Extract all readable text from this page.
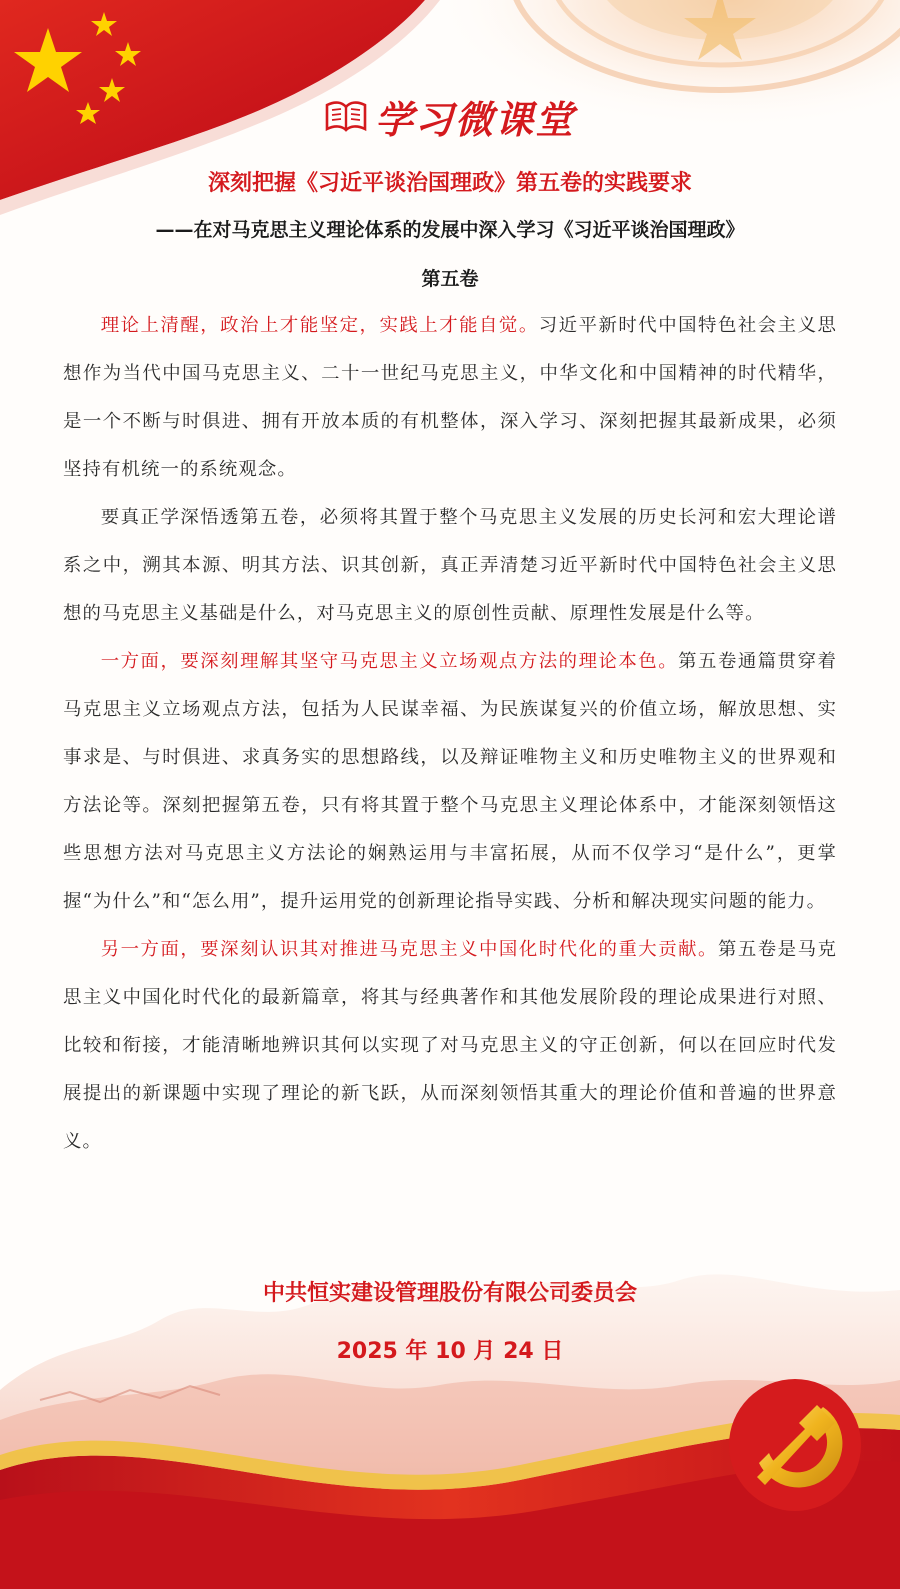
学习微课堂
深刻把握《习近平谈治国理政》第五卷的实践要求
——在对马克思主义理论体系的发展中深入学习《习近平谈治国理政》
第五卷

理论上清醒，政治上才能坚定，实践上才能自觉。习近平新时代中国特色社会主义思想作为当代中国马克思主义、二十一世纪马克思主义，中华文化和中国精神的时代精华，是一个不断与时俱进、拥有开放本质的有机整体，深入学习、深刻把握其最新成果，必须坚持有机统一的系统观念。

要真正学深悟透第五卷，必须将其置于整个马克思主义发展的历史长河和宏大理论谱系之中，溯其本源、明其方法、识其创新，真正弄清楚习近平新时代中国特色社会主义思想的马克思主义基础是什么，对马克思主义的原创性贡献、原理性发展是什么等。

一方面，要深刻理解其坚守马克思主义立场观点方法的理论本色。第五卷通篇贯穿着马克思主义立场观点方法，包括为人民谋幸福、为民族谋复兴的价值立场，解放思想、实事求是、与时俱进、求真务实的思想路线，以及辩证唯物主义和历史唯物主义的世界观和方法论等。深刻把握第五卷，只有将其置于整个马克思主义理论体系中，才能深刻领悟这些思想方法对马克思主义方法论的娴熟运用与丰富拓展，从而不仅学习“是什么”，更掌握“为什么”和“怎么用”，提升运用党的创新理论指导实践、分析和解决现实问题的能力。

另一方面，要深刻认识其对推进马克思主义中国化时代化的重大贡献。第五卷是马克思主义中国化时代化的最新篇章，将其与经典著作和其他发展阶段的理论成果进行对照、比较和衔接，才能清晰地辨识其何以实现了对马克思主义的守正创新，何以在回应时代发展提出的新课题中实现了理论的新飞跃，从而深刻领悟其重大的理论价值和普遍的世界意义。

中共恒实建设管理股份有限公司委员会
2025 年 10 月 24 日
